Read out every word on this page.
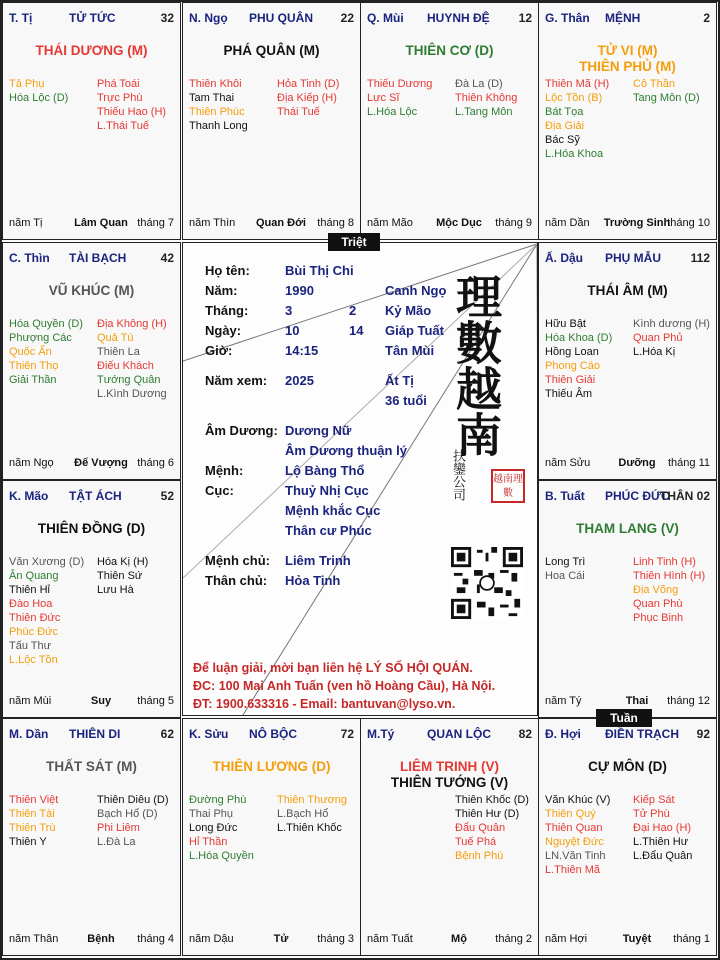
T. Tị	TỬ TỨC	32
THÁI DƯƠNG (M)
Tả Phụ
Hóa Lộc (D)
Phá Toái
Trực Phù
Thiếu Hao (H)
L.Thái Tuế
năm Tị	Lâm Quan tháng 7
N. Ngọ PHU QUÂN 22
PHÁ QUÂN (M)
Thiên Khôi
Tam Thai
Thiên Phúc
Thanh Long
Hỏa Tinh (D)
Địa Kiếp (H)
Thái Tuế
năm Thìn	Quan Đới	tháng 8
Q. Mùi HUYNH ĐỆ 12
THIÊN CƠ (D)
Thiếu Dương
Lực Sĩ
L.Hóa Lộc
Đà La (D)
Thiên Không
L.Tang Môn
năm Mão	Mộc Dục	tháng 9
G. Thân MỆNH	2
TỬ VI (M)
THIÊN PHỦ (M)
Thiên Mã (H)
Lộc Tồn (B)
Bát Tọa
Địa Giải
Bác Sỹ
L.Hóa Khoa
Cô Thần
Tang Môn (D)
năm Dần Trường Sinh
tháng 10
Ấ. Dậu PHỤ MẪU 112
THÁI ÂM (M)
Hữu Bật
Hóa Khoa (D)
Hồng Loan
Phong Cáo
Thiên Giải
Thiếu Âm
Kình dương (H)
Quan Phủ
L.Hóa Kị
năm Sửu	Dưỡng	tháng 11
B. Tuất PHÚC ĐỨC
THÂN 02
THAM LANG (V)
Long Trì
Hoa Cái
Linh Tinh (H)
Thiên Hình (H)
Địa Võng
Quan Phù
Phục Binh
năm Tý	Thai	tháng 12
Đ. Hợi ĐIỀN TRẠCH 92
CỰ MÔN (D)
Văn Khúc (V)
Thiên Quý
Thiên Quan
Nguyệt Đức
LN.Văn Tinh
L.Thiên Mã
Kiếp Sát
Tử Phù
Đại Hao (H)
L.Thiên Hư
L.Đẩu Quân
năm Hợi	Tuyệt	tháng 1
M.Tý	QUAN LỘC 82
LIÊM TRINH (V)
THIÊN TƯỚNG (V)
Thiên Khốc (D)
Thiên Hư (D)
Đẩu Quân
Tuế Phá
Bệnh Phù
năm Tuất	Mộ	tháng 2
K. Sửu NÔ BỘC	72
THIÊN LƯƠNG (D)
Đường Phù
Thai Phụ
Long Đức
Hỉ Thần
L.Hóa Quyền
Thiên Thương
L.Bạch Hổ
L.Thiên Khốc
năm Dậu	Tử	tháng 3
M. Dần THIÊN DI	62
THẤT SÁT (M)
Thiên Việt
Thiên Tài
Thiên Trù
Thiên Y
Thiên Diêu (D)
Bạch Hổ (D)
Phi Liêm
L.Đà La
năm Thân	Bệnh	tháng 4
K. Mão TẬT ÁCH	52
THIÊN ĐỒNG (D)
Văn Xương (D)
Ân Quang
Thiên Hỉ
Đào Hoa
Thiên Đức
Phúc Đức
Tấu Thư
L.Lộc Tồn
Hóa Kị (H)
Thiên Sứ
Lưu Hà
năm Mùi	Suy	tháng 5
C. Thìn TÀI BẠCH	42
VŨ KHÚC (M)
Hóa Quyền (D)
Phượng Các
Quốc Ấn
Thiên Thọ
Giải Thần
Địa Không (H)
Quả Tú
Thiên La
Điếu Khách
Tướng Quân
L.Kình Dương
năm Ngọ	Đế Vượng tháng 6
Họ tên:	Bùi Thị Chi
Năm:	1990	Canh Ngọ
Tháng:	3	2 Kỷ Mão
Ngày:	10	14 Giáp Tuất
Giờ:	14:15	Tân Mùi
Năm xem: 2025	Ất Tị
36 tuổi
Âm Dương: Dương Nữ
Âm Dương thuận lý
Mệnh:	Lộ Bàng Thổ
Cục:	Thuỷ Nhị Cục
Mệnh khắc Cục
Thân cư Phúc
Mệnh chủ: Liêm Trinh
Thân chủ: Hỏa Tinh
理數越南
扶鑾公司	越南理數
Để luận giải, mời bạn liên hệ LÝ SỐ HỘI QUÁN.
ĐC: 100 Mai Anh Tuấn (ven hồ Hoàng Cầu), Hà Nội.
ĐT: 1900.633316 - Email: bantuvan@lyso.vn.
Triệt
Tuần
